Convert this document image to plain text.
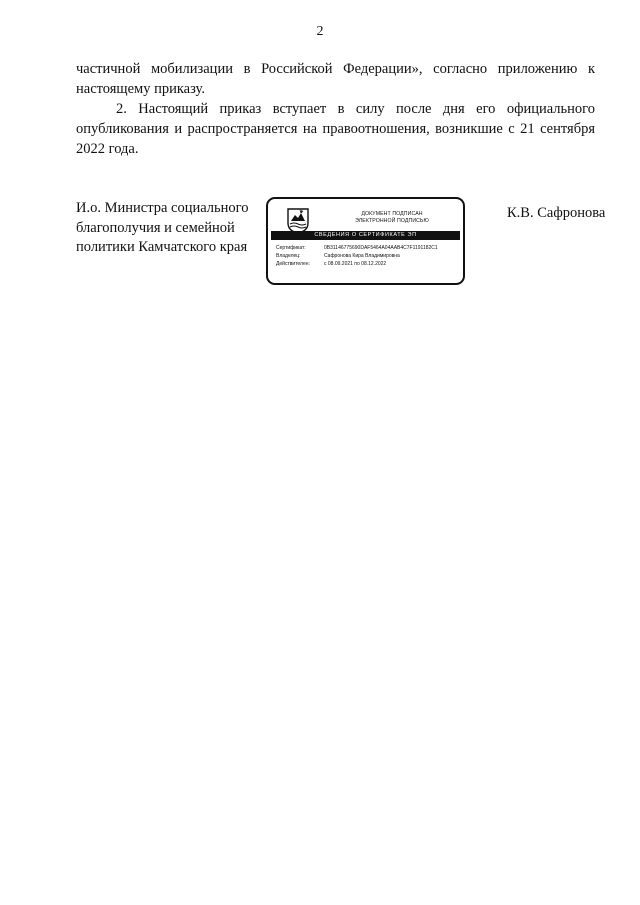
2

частичной мобилизации в Российской Федерации», согласно приложению к настоящему приказу.

2. Настоящий приказ вступает в силу после дня его официального опубликования и распространяется на правоотношения, возникшие с 21 сентября 2022 года.

И.о. Министра социального
благополучия и семейной
политики Камчатского края
ДОКУМЕНТ ПОДПИСАН
ЭЛЕКТРОННОЙ ПОДПИСЬЮ
СВЕДЕНИЯ О СЕРТИФИКАТЕ ЭП
Сертификат:	0B31146775690DAF5464A04AAB4C7F1191182C1
Владелец:	Сафронова Кира Владимировна
Действителен:	с 08.09.2021 по 08.12.2022
К.В. Сафронова
